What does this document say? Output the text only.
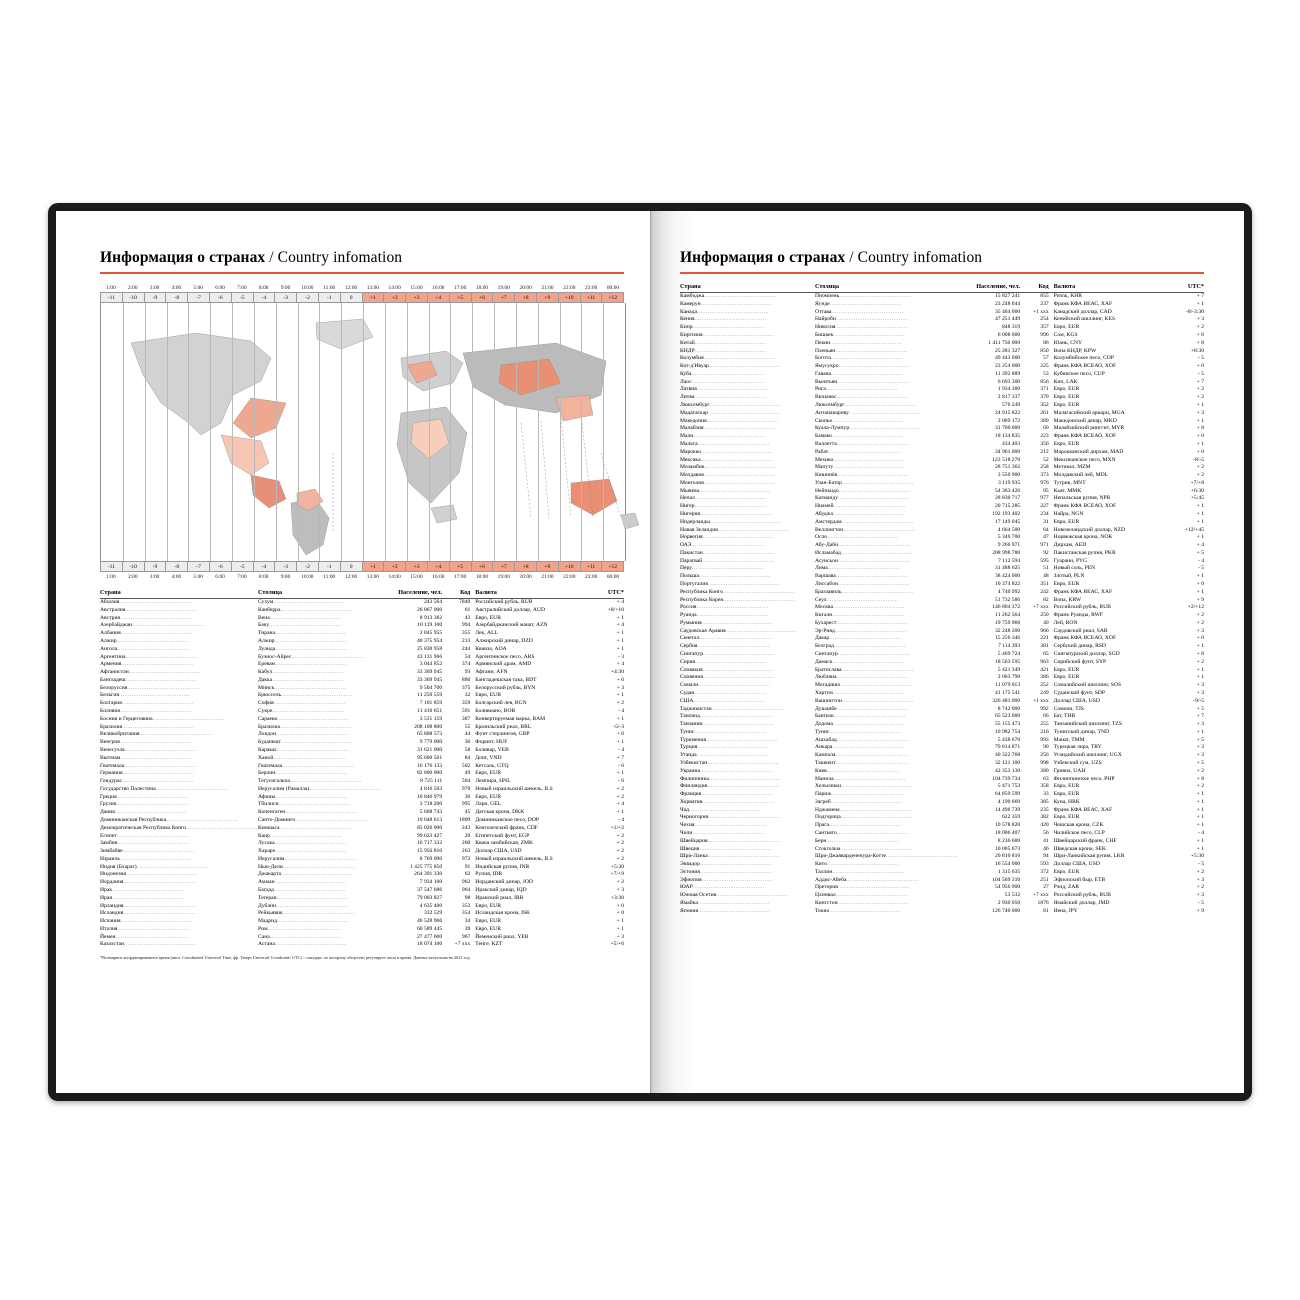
Информация о странах / Country infomation
1:00	2:00	3:00	4:00	5:00	6:00	7:00	8:00	9:00	10:00	11:00	12:00	13:00	14:00	15:00	16:00	17:00	18:00	19:00	20:00	21:00	22:00	23:00	00:00
-11	-10	-9	-8	-7	-6	-5	-4	-3	-2	-1	0	+1	+2	+3	+4	+5	+6	+7	+8	+9	+10	+11	+12
-11	-10	-9	-8	-7	-6	-5	-4	-3	-2	-1	0	+1	+2	+3	+4	+5	+6	+7	+8	+9	+10	+11	+12
1:00	2:00	3:00	4:00	5:00	6:00	7:00	8:00	9:00	10:00	11:00	12:00	13:00	14:00	15:00	16:00	17:00	18:00	19:00	20:00	21:00	22:00	23:00	00:00
Страна	Столица	Население, чел.	Код	Валюта	UTC*
Абхазия........................................	Сухум........................................	243 564	7840	Российский рубль, RUB	+ 4
Австралия........................................	Канберра........................................	26 867 000	61	Австралийский доллар, AUD	+8/+10
Австрия........................................	Вена........................................	8 913 382	43	Евро, EUR	+ 1
Азербайджан........................................	Баку........................................	10 119 100	994	Азербайджанский манат, AZN	+ 4
Албания........................................	Тирана........................................	2 845 955	355	Лек, ALL	+ 1
Алжир........................................	Алжир........................................	40 375 954	213	Алжирский динар, DZD	+ 1
Ангола........................................	Луанда........................................	25 830 958	244	Кванза, AOA	+ 1
Аргентина........................................	Буэнос-Айрес........................................	43 131 966	54	Аргентинское песо, ARS	- 3
Армения........................................	Ереван........................................	3 044 852	374	Армянский драм, AMD	+ 4
Афганистан........................................	Кабул........................................	33 369 945	93	Афгани, AFN	+4:30
Бангладеш........................................	Дакка........................................	33 369 945	880	Бангладешская така, BDT	+ 6
Белоруссия........................................	Минск........................................	9 504 700	375	Белорусский рубль, BYN	+ 3
Бельгия........................................	Брюссель........................................	11 250 559	32	Евро, EUR	+ 1
Болгария........................................	София........................................	7 101 859	359	Болгарский лев, BGN	+ 2
Боливия........................................	Сукре........................................	11 410 651	591	Боливиано, BOB	- 4
Босния и Герцеговина........................................	Сараево........................................	3 531 159	387	Конвертируемая марка, BAM	+ 1
Бразилия........................................	Бразилиа........................................	208 108 800	55	Бразильский реал, BRL	-5/-3
Великобритания........................................	Лондон........................................	65 808 573	44	Фунт стерлингов, GBP	+ 0
Венгрия........................................	Будапешт........................................	9 779 000	36	Форинт, HUF	+ 1
Венесуэла........................................	Каракас........................................	31 621 000	58	Боливар, VEB	- 4
Вьетнам........................................	Ханой........................................	95 600 501	84	Донг, VND	+ 7
Гватемала........................................	Гватемала........................................	16 176 133	502	Кетсаль, GTQ	- 6
Германия........................................	Берлин........................................	82 800 000	49	Евро, EUR	+ 1
Гондурас........................................	Тегусигальпа........................................	8 725 111	504	Лемпира, HNL	- 6
Государство Палестина........................................	Иерусалим (Рамалла)........................................	4 816 503	970	Новый израильский шекель, ILS	+ 2
Греция........................................	Афины........................................	10 846 979	30	Евро, EUR	+ 2
Грузия........................................	Тбилиси........................................	3 718 200	995	Лари, GEL	+ 4
Дания........................................	Копенгаген........................................	5 668 743	45	Датская крона, DKK	+ 1
Доминиканская Республика........................................	Санто-Доминго........................................	10 648 613	1809	Доминиканское песо, DOP	- 4
Демократическая Республика Конго........................................	Киншаса........................................	85 026 000	243	Конголезский франк, CDF	+1/+2
Египет........................................	Каир........................................	99 623 427	20	Египетский фунт, EGP	+ 2
Замбия........................................	Лусака........................................	16 717 332	260	Квача замбийская, ZMK	+ 2
Зимбабве........................................	Хараре........................................	15 956 810	263	Доллар США, USD	+ 2
Израиль........................................	Иерусалим........................................	8 769 090	972	Новый израильский шекель, ILS	+ 2
Индия (Бхарат)........................................	Нью-Дели........................................	1 425 775 850	91	Индийская рупия, INR	+5:30
Индонезия........................................	Джакарта........................................	264 391 330	62	Рупия, IDR	+7/+9
Иордания........................................	Амман........................................	7 934 100	962	Иорданский динар, JOD	+ 2
Ирак........................................	Багдад........................................	37 547 686	964	Иракский динар, IQD	+ 3
Иран........................................	Тегеран........................................	79 003 827	98	Иранский риал, IRR	+3:30
Ирландия........................................	Дублин........................................	4 635 400	353	Евро, EUR	+ 0
Исландия........................................	Рейкьявик........................................	332 529	354	Исландская крона, ISK	+ 0
Испания........................................	Мадрид........................................	46 528 966	34	Евро, EUR	+ 1
Италия........................................	Рим........................................	60 589 445	39	Евро, EUR	+ 1
Йемен........................................	Сана........................................	27 477 600	967	Йеменский риал, YER	+ 3
Казахстан........................................	Астана........................................	18 074 100	+7 xxx	Тенге, KZT	+5/+6
*Всемирное координированное время (англ. Coordinated Universal Time, фр. Temps Universel Coordonné; UTC) - стандарт, по которому общество регулирует часы и время. Данные актуальны на 2023 год.
Информация о странах / Country infomation
Страна	Столица	Население, чел.	Код	Валюта	UTC*
Камбоджа........................................	Пномпень........................................	15 827 241	855	Риэль, KHR	+ 7
Камерун........................................	Яунде........................................	23 248 044	237	Франк КФА ВЕАС, XAF	+ 1
Канада........................................	Оттава........................................	35 464 000	+1 xxx	Канадский доллар, CAD	-8/-3:30
Кения........................................	Найроби........................................	47 251 449	254	Кенийский шиллинг, KES	+ 3
Кипр........................................	Никосия........................................	848 319	357	Евро, EUR	+ 2
Киргизия........................................	Бишкек........................................	6 008 600	996	Сом, KGS	+ 6
Китай........................................	Пекин........................................	1 411 750 000	86	Юань, CNY	+ 8
КНДР........................................	Пхеньян........................................	25 281 327	850	Вона КНДР, KPW	+8:30
Колумбия........................................	Богота........................................	49 443 000	57	Колумбийское песо, COP	- 5
Кот-д'Ивуар........................................	Ямусукро........................................	23 254 000	225	Франк КФА ВСЕАО, XOF	+ 0
Куба........................................	Гавана........................................	11 392 889	53	Кубинское песо, CUP	- 5
Лаос........................................	Вьентьян........................................	6 693 300	856	Кип, LAK	+ 7
Латвия........................................	Рига........................................	1 934 300	371	Евро, EUR	+ 2
Литва........................................	Вильнюс........................................	2 817 337	370	Евро, EUR	+ 2
Люксембург........................................	Люксембург........................................	576 249	352	Евро, EUR	+ 1
Мадагаскар........................................	Антананариву........................................	24 915 822	261	Малагасийский ариари, MGA	+ 3
Македония........................................	Скопье........................................	2 069 172	389	Македонский денар, MKD	+ 1
Малайзия........................................	Куала-Лумпур........................................	31 700 000	60	Малайзийский ринггит, MYR	+ 8
Мали........................................	Бамако........................................	18 134 835	223	Франк КФА ВСЕАО, XOF	+ 0
Мальта........................................	Валлетта........................................	434 403	356	Евро, EUR	+ 1
Марокко........................................	Рабат........................................	34 961 000	212	Марокканский дирхам, MAD	+ 0
Мексика........................................	Мехико........................................	123 518 270	52	Мексиканское песо, MXN	-8/-5
Мозамбик........................................	Мапуту........................................	28 751 362	258	Метикал, MZM	+ 2
Молдавия........................................	Кишинёв........................................	3 550 900	373	Молдавский лей, MDL	+ 2
Монголия........................................	Улан-Батор........................................	3 119 935	976	Тугрик, MNT	+7/+8
Мьянма........................................	Нейпьидо........................................	54 363 426	95	Кьят, MMK	+6:30
Непал........................................	Катманду........................................	28 830 717	977	Непальская рупия, NPR	+5:45
Нигер........................................	Ниамей........................................	20 715 285	227	Франк КФА ВСЕАО, XOF	+ 1
Нигерия........................................	Абуджа........................................	192 193 402	234	Найра, NGN	+ 1
Нидерланды........................................	Амстердам........................................	17 149 045	31	Евро, EUR	+ 1
Новая Зеландия........................................	Веллингтон........................................	4 664 500	64	Новозеландский доллар, NZD	+12/+45
Норвегия........................................	Осло........................................	5 346 700	47	Норвежская крона, NOK	+ 1
ОАЭ........................................	Абу-Даби........................................	9 266 971	971	Дирхам, AED	+ 4
Пакистан........................................	Исламабад........................................	208 998 780	92	Пакистанская рупия, PKR	+ 5
Парагвай........................................	Асунсьон........................................	7 112 594	595	Гуарани, PYG	- 4
Перу........................................	Лима........................................	31 488 625	51	Новый соль, PEN	- 5
Польша........................................	Варшава........................................	38 424 000	48	Злотый, PLN	+ 1
Португалия........................................	Лиссабон........................................	10 374 822	351	Евро, EUR	+ 0
Республика Конго........................................	Браззавиль........................................	4 740 992	242	Франк КФА ВЕАС, XAF	+ 1
Республика Корея........................................	Сеул........................................	51 732 586	82	Вона, KRW	+ 9
Россия........................................	Москва........................................	146 804 372	+7 xxx	Российский рубль, RUB	+2/+12
Руанда........................................	Кигали........................................	11 262 564	250	Франк Руанды, RWF	+ 2
Румыния........................................	Бухарест........................................	19 759 966	40	Лей, RON	+ 2
Саудовская Аравия........................................	Эр-Рияд........................................	32 248 200	966	Саудовский риал, SAR	+ 3
Сенегал........................................	Дакар........................................	15 256 346	221	Франк КФА ВСЕАО, XOF	+ 0
Сербия........................................	Белград........................................	7 114 393	381	Сербский динар, RSD	+ 1
Сингапур........................................	Сингапур........................................	5 469 724	65	Сингапурский доллар, SGD	+ 8
Сирия........................................	Дамаск........................................	18 563 595	963	Сирийский фунт, SYP	+ 2
Словакия........................................	Братислава........................................	5 421 349	421	Евро, EUR	+ 1
Словения........................................	Любляна........................................	2 063 790	386	Евро, EUR	+ 1
Сомали........................................	Могадишо........................................	11 079 013	252	Сомалийский шиллинг, SOS	+ 3
Судан........................................	Хартум........................................	41 175 541	249	Суданский фунт, SDP	+ 3
США........................................	Вашингтон........................................	326 481 000	+1 xxx	Доллар США, USD	-9/-5
Таджикистан........................................	Душанбе........................................	8 742 000	992	Сомони, TJS	+ 5
Таиланд........................................	Бангкок........................................	65 523 000	66	Бат, THB	+ 7
Танзания........................................	Додома........................................	55 155 473	255	Танзанийский шиллинг, TZS	+ 3
Тунис........................................	Тунис........................................	10 982 754	216	Тунисский динар, TND	+ 1
Туркмения........................................	Ашхабад........................................	5 438 670	993	Манат, TMM	+ 5
Турция........................................	Анкара........................................	79 814 871	90	Турецкая лира, TRY	+ 3
Уганда........................................	Кампала........................................	40 322 768	256	Угандийский шиллинг, UGX	+ 3
Узбекистан........................................	Ташкент........................................	32 121 100	998	Узбекский сум, UZS	+ 5
Украина........................................	Киев........................................	42 353 130	380	Гривна, UAH	+ 2
Филиппины........................................	Манила........................................	104 739 734	63	Филиппинское песо, PHP	+ 8
Финляндия........................................	Хельсинки........................................	5 471 753	358	Евро, EUR	+ 2
Франция........................................	Париж........................................	64 859 599	33	Евро, EUR	+ 1
Хорватия........................................	Загреб........................................	4 190 669	385	Куна, HRK	+ 1
Чад........................................	Нджамена........................................	14 496 739	235	Франк КФА ВЕАС, XAF	+ 1
Черногория........................................	Подгорица........................................	622 359	382	Евро, EUR	+ 1
Чехия........................................	Прага........................................	10 578 820	420	Чешская крона, CZK	+ 1
Чили........................................	Сантьяго........................................	18 006 407	56	Чилийское песо, CLP	- 4
Швейцария........................................	Берн........................................	8 236 600	41	Швейцарский франк, CHF	+ 1
Швеция........................................	Стокгольм........................................	10 005 673	46	Шведская крона, SEK	+ 1
Шри-Ланка........................................	Шри-Джаяварденепура-Котте........................................	20 810 816	94	Шри-Ланкийская рупия, LKR	+5:30
Эквадор........................................	Кито........................................	16 554 000	593	Доллар США, USD	- 5
Эстония........................................	Таллин........................................	1 315 635	372	Евро, EUR	+ 2
Эфиопия........................................	Аддис-Абеба........................................	104 569 310	251	Эфиопский быр, ETB	+ 3
ЮАР........................................	Претория........................................	54 956 900	27	Рэнд, ZAR	+ 2
Южная Осетия........................................	Цхинвал........................................	53 532	+7 xxx	Российский рубль, RUB	+ 3
Ямайка........................................	Кингстон........................................	2 930 050	1876	Ямайский доллар, JMD	- 5
Япония........................................	Токио........................................	126 740 000	81	Иена, JPY	+ 9
